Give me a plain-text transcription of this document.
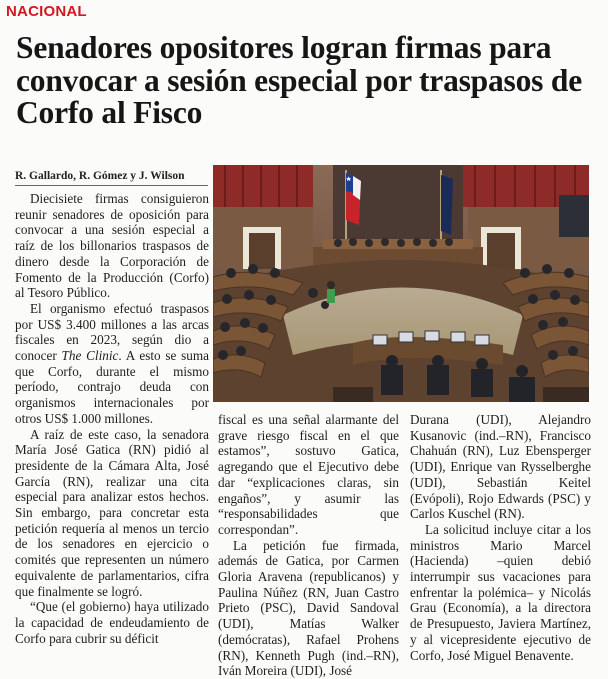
NACIONAL
Senadores opositores logran firmas para convocar a sesión especial por traspasos de Corfo al Fisco
R. Gallardo, R. Gómez y J. Wilson

Diecisiete firmas consiguieron reunir senadores de oposición para convocar a una sesión especial a raíz de los billonarios traspasos de dinero desde la Corporación de Fomento de la Producción (Corfo) al Tesoro Público.

El organismo efectuó traspasos por US$ 3.400 millones a las arcas fiscales en 2023, según dio a conocer The Clinic. A esto se suma que Corfo, durante el mismo período, contrajo deuda con organismos internacionales por otros US$ 1.000 millones.

A raíz de este caso, la senadora María José Gatica (RN) pidió al presidente de la Cámara Alta, José García (RN), realizar una cita especial para analizar estos hechos. Sin embargo, para concretar esta petición requería al menos un tercio de los senadores en ejercicio o comités que representen un número equivalente de parlamentarios, cifra que finalmente se logró.

“Que (el gobierno) haya utilizado la capacidad de endeudamiento de Corfo para cubrir su déficit

fiscal es una señal alarmante del grave riesgo fiscal en el que estamos”, sostuvo Gatica, agregando que el Ejecutivo debe dar “explicaciones claras, sin engaños”, y asumir las “responsabilidades que correspondan”.

La petición fue firmada, además de Gatica, por Carmen Gloria Aravena (republicanos) y Paulina Núñez (RN, Juan Castro Prieto (PSC), David Sandoval (UDI), Matías Walker (demócratas), Rafael Prohens (RN), Kenneth Pugh (ind.–RN), Iván Moreira (UDI), José

Durana (UDI), Alejandro Kusanovic (ind.–RN), Francisco Chahuán (RN), Luz Ebensperger (UDI), Enrique van Rysselberghe (UDI), Sebastián Keitel (Evópoli), Rojo Edwards (PSC) y Carlos Kuschel (RN).

La solicitud incluye citar a los ministros Mario Marcel (Hacienda) –quien debió interrumpir sus vacaciones para enfrentar la polémica– y Nicolás Grau (Economía), a la directora de Presupuesto, Javiera Martínez, y al vicepresidente ejecutivo de Corfo, José Miguel Benavente.
